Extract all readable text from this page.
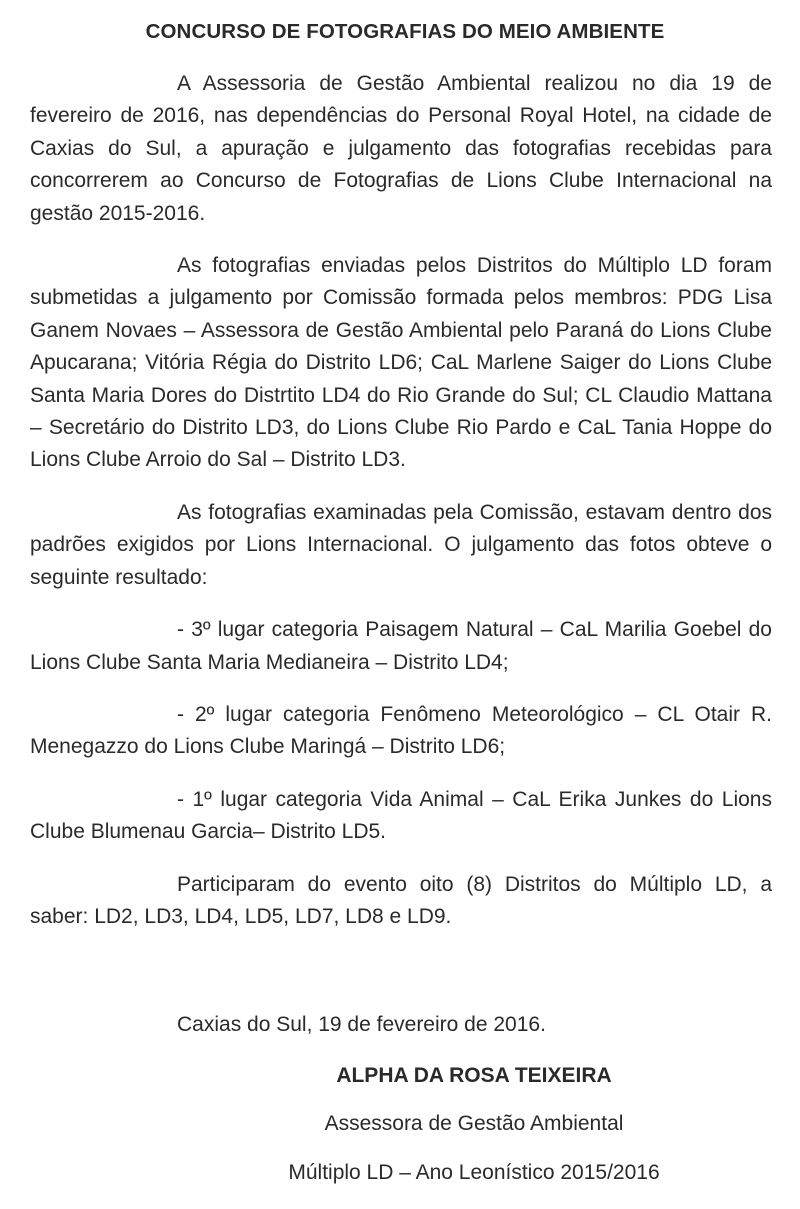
CONCURSO DE FOTOGRAFIAS DO MEIO AMBIENTE

A Assessoria de Gestão Ambiental realizou no dia 19 de fevereiro de 2016, nas dependências do Personal Royal Hotel, na cidade de Caxias do Sul, a apuração e julgamento das fotografias recebidas para concorrerem ao Concurso de Fotografias de Lions Clube Internacional na gestão 2015-2016.

As fotografias enviadas pelos Distritos do Múltiplo LD foram submetidas a julgamento por Comissão formada pelos membros: PDG Lisa Ganem Novaes – Assessora de Gestão Ambiental pelo Paraná do Lions Clube Apucarana; Vitória Régia do Distrito LD6; CaL Marlene Saiger do Lions Clube Santa Maria Dores do Distrtito LD4 do Rio Grande do Sul; CL Claudio Mattana – Secretário do Distrito LD3, do Lions Clube Rio Pardo e CaL Tania Hoppe do Lions Clube Arroio do Sal – Distrito LD3.

As fotografias examinadas pela Comissão, estavam dentro dos padrões exigidos por Lions Internacional. O julgamento das fotos obteve o seguinte resultado:

- 3º lugar categoria Paisagem Natural – CaL Marilia Goebel do Lions Clube Santa Maria Medianeira – Distrito LD4;

- 2º lugar categoria Fenômeno Meteorológico – CL Otair R. Menegazzo do Lions Clube Maringá – Distrito LD6;

- 1º lugar categoria Vida Animal – CaL Erika Junkes do Lions Clube Blumenau Garcia– Distrito LD5.

Participaram do evento oito (8) Distritos do Múltiplo LD, a saber: LD2, LD3, LD4, LD5, LD7, LD8 e LD9.

Caxias do Sul, 19 de fevereiro de 2016.
ALPHA DA ROSA TEIXEIRA
Assessora de Gestão Ambiental
Múltiplo LD – Ano Leonístico 2015/2016
